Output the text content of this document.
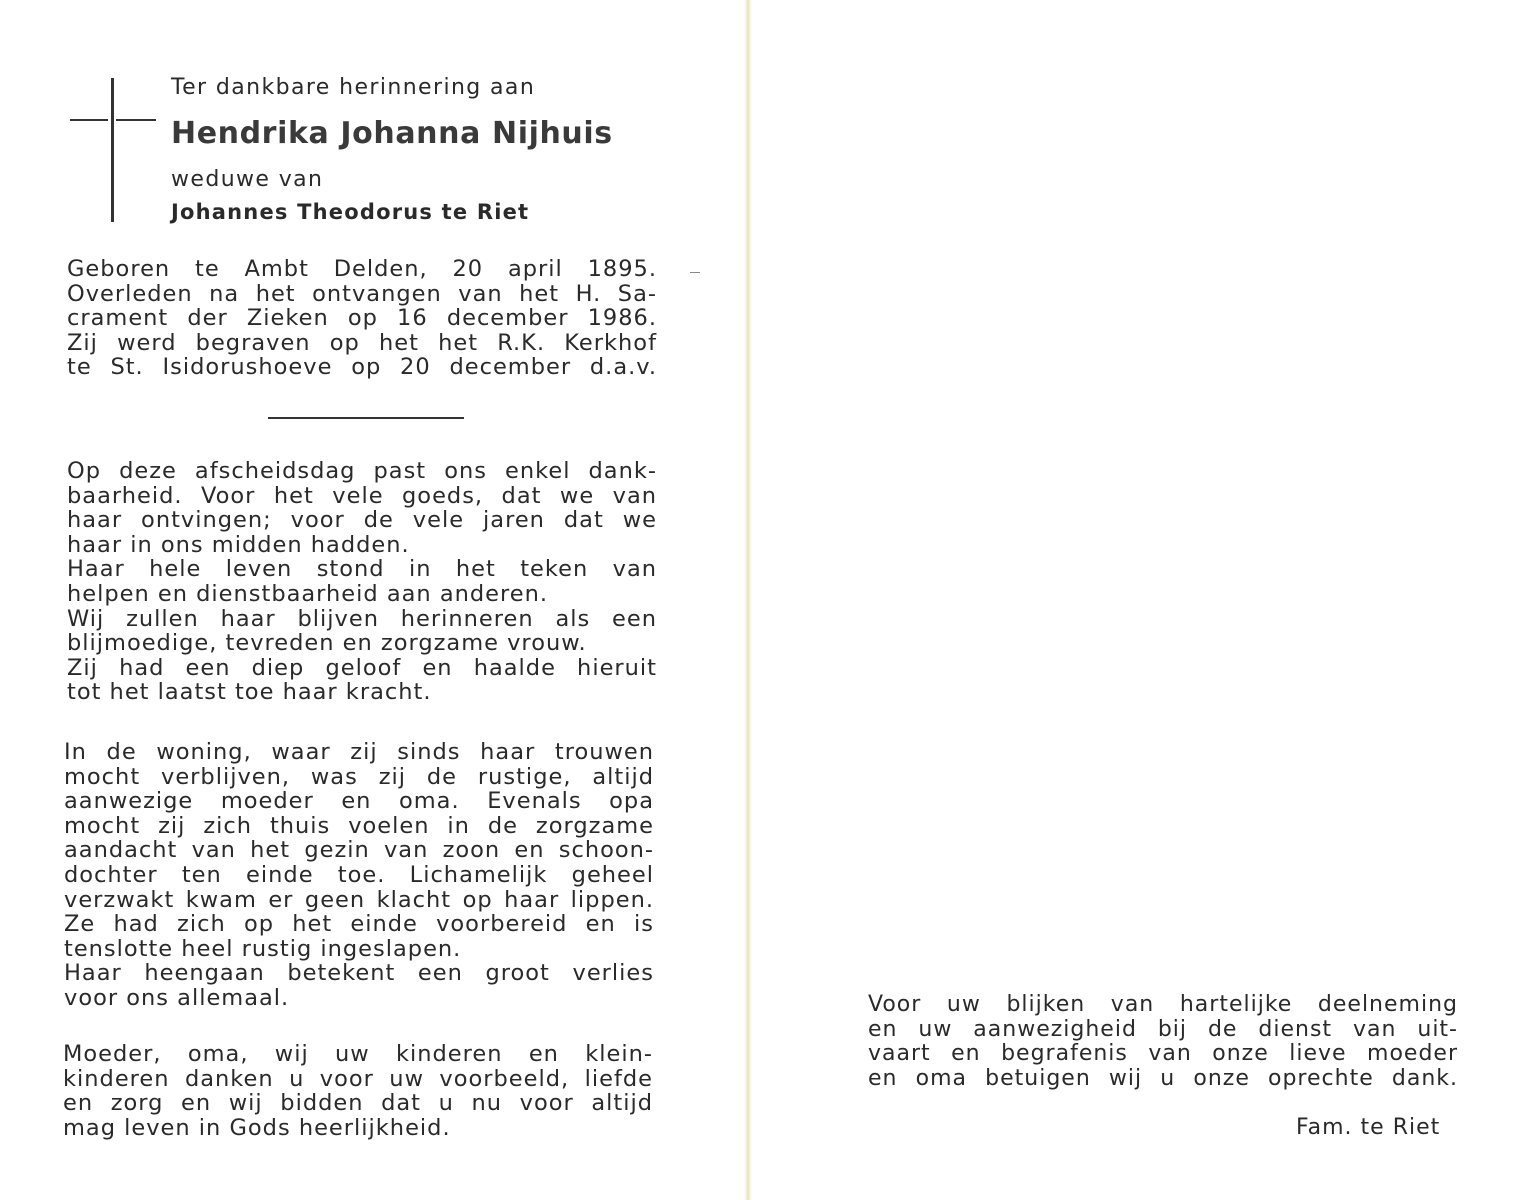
Ter dankbare herinnering aan
Hendrika Johanna Nijhuis
weduwe van
Johannes Theodorus te Riet
Geboren te Ambt Delden, 20 april 1895.
Overleden na het ontvangen van het H. Sa-
crament der Zieken op 16 december 1986.
Zij werd begraven op het het R.K. Kerkhof
te St. Isidorushoeve op 20 december d.a.v.
Op deze afscheidsdag past ons enkel dank-
baarheid. Voor het vele goeds, dat we van
haar ontvingen; voor de vele jaren dat we
haar in ons midden hadden.
Haar hele leven stond in het teken van
helpen en dienstbaarheid aan anderen.
Wij zullen haar blijven herinneren als een
blijmoedige, tevreden en zorgzame vrouw.
Zij had een diep geloof en haalde hieruit
tot het laatst toe haar kracht.
In de woning, waar zij sinds haar trouwen
mocht verblijven, was zij de rustige, altijd
aanwezige moeder en oma. Evenals opa
mocht zij zich thuis voelen in de zorgzame
aandacht van het gezin van zoon en schoon-
dochter ten einde toe. Lichamelijk geheel
verzwakt kwam er geen klacht op haar lippen.
Ze had zich op het einde voorbereid en is
tenslotte heel rustig ingeslapen.
Haar heengaan betekent een groot verlies
voor ons allemaal.
Moeder, oma, wij uw kinderen en klein-
kinderen danken u voor uw voorbeeld, liefde
en zorg en wij bidden dat u nu voor altijd
mag leven in Gods heerlijkheid.
Voor uw blijken van hartelijke deelneming
en uw aanwezigheid bij de dienst van uit-
vaart en begrafenis van onze lieve moeder
en oma betuigen wij u onze oprechte dank.
Fam. te Riet
